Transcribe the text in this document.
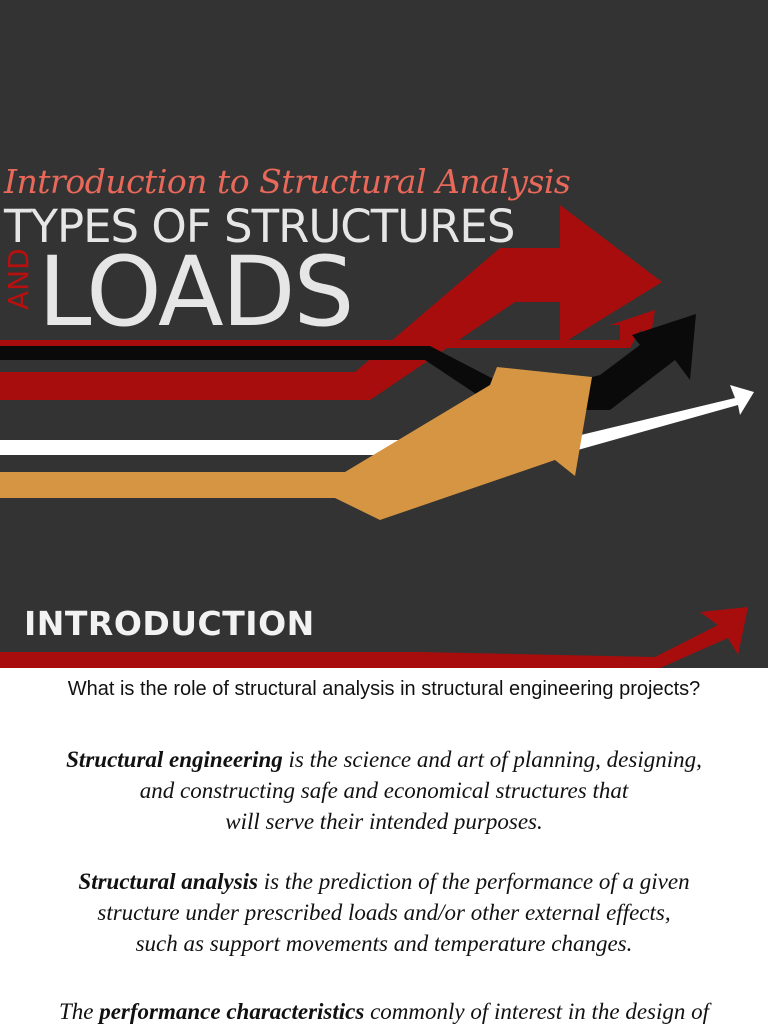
Introduction to Structural Analysis
TYPES OF STRUCTURES
AND LOADS
INTRODUCTION
What is the role of structural analysis in structural engineering projects?
Structural engineering is the science and art of planning, designing,
and constructing safe and economical structures that
will serve their intended purposes.
Structural analysis is the prediction of the performance of a given
structure under prescribed loads and/or other external effects,
such as support movements and temperature changes.
The performance characteristics commonly of interest in the design of
